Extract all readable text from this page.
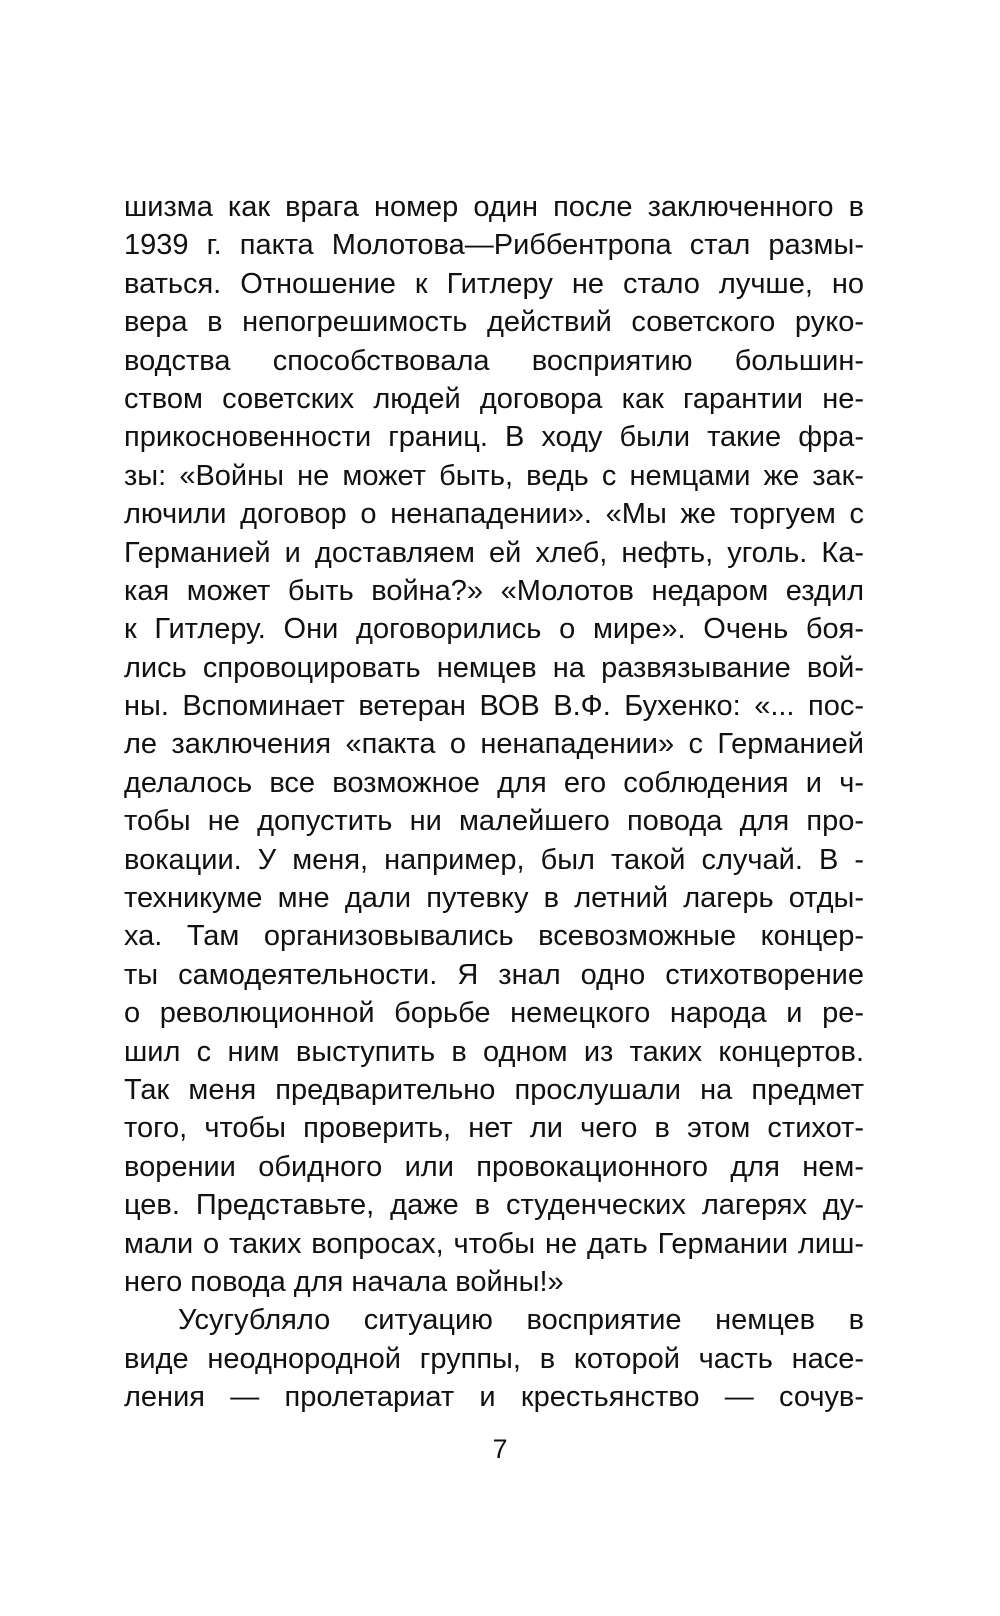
шизма как врага номер один после заключенного в
1939 г. пакта Молотова—Риббентропа стал размы-
ваться. Отношение к Гитлеру не стало лучше, но
вера в непогрешимость действий советского руко-
водства способствовала восприятию большин-
ством советских людей договора как гарантии не-
прикосновенности границ. В ходу были такие фра-
зы: «Войны не может быть, ведь с немцами же зак-
лючили договор о ненападении». «Мы же торгуем с
Германией и доставляем ей хлеб, нефть, уголь. Ка-
кая может быть война?» «Молотов недаром ездил
к Гитлеру. Они договорились о мире». Очень боя-
лись спровоцировать немцев на развязывание вой-
ны. Вспоминает ветеран ВОВ В.Ф. Бухенко: «... пос-
ле заключения «пакта о ненападении» с Германией
делалось все возможное для его соблюдения и ч-
тобы не допустить ни малейшего повода для про-
вокации. У меня, например, был такой случай. В -
техникуме мне дали путевку в летний лагерь отды-
ха. Там организовывались всевозможные концер-
ты самодеятельности. Я знал одно стихотворение
о революционной борьбе немецкого народа и ре-
шил с ним выступить в одном из таких концертов.
Так меня предварительно прослушали на предмет
того, чтобы проверить, нет ли чего в этом стихот-
ворении обидного или провокационного для нем-
цев. Представьте, даже в студенческих лагерях ду-
мали о таких вопросах, чтобы не дать Германии лиш-
него повода для начала войны!»
Усугубляло ситуацию восприятие немцев в
виде неоднородной группы, в которой часть насе-
ления — пролетариат и крестьянство — сочув-
7
